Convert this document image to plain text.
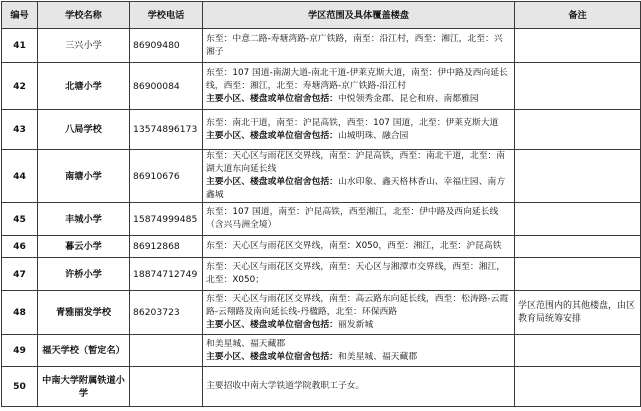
编号	学校名称	学校电话	学区范围及具体覆盖楼盘	备注
41	三兴小学	86909480	东至：中意二路-寿塘湾路-京广铁路，南至：沿江村，西至：湘江，北至：兴湘子	
42	北塘小学	86900084	东至：107 国道-南湖大道-南北干道-伊莱克斯大道，南至：伊中路及西向延长线，西至：湘江，北至：寿塘湾路-京广铁路-沿江村
主要小区、楼盘或单位宿舍包括：中悦领秀金郡、昆仑和府、南都雅园	
43	八局学校	13574896173	东至：南北干道，南至：沪昆高铁，西至：107 国道，北至：伊莱克斯大道
主要小区、楼盘或单位宿舍包括：山城明珠、融合园	
44	南塘小学	86910676	东至：天心区与雨花区交界线，南至：沪昆高铁，西至：南北干道，北至：南湖大道东向延长线
主要小区、楼盘或单位宿舍包括：山水印象、鑫天格林香山、幸福庄园、南方鑫城	
45	丰城小学	15874999485	东至：107 国道，南至：沪昆高铁，西至湘江，北至：伊中路及西向延长线（含兴马洲全境）	
46	暮云小学	86912868	东至：天心区与雨花区交界线，南至：X050，西至：湘江，北至：沪昆高铁	
47	许桥小学	18874712749	东至：天心区与雨花区交界线，南至：天心区与湘潭市交界线，西至：湘江，北至：X050；	
48	青雅丽发学校	86203723	东至：天心区与雨花区交界线，南至：高云路东向延长线，西至：松涛路-云霞路-云翔路及南向延长线-丹楹路，北至：环保西路
主要小区、楼盘或单位宿舍包括：丽发新城	学区范围内的其他楼盘，由区教育局统筹安排
49	福天学校（暂定名）		和美星城、福天藏郡
主要小区、楼盘或单位宿舍包括：和美星城、福天藏郡	
50	中南大学附属铁道小学		主要招收中南大学铁道学院教职工子女。	
